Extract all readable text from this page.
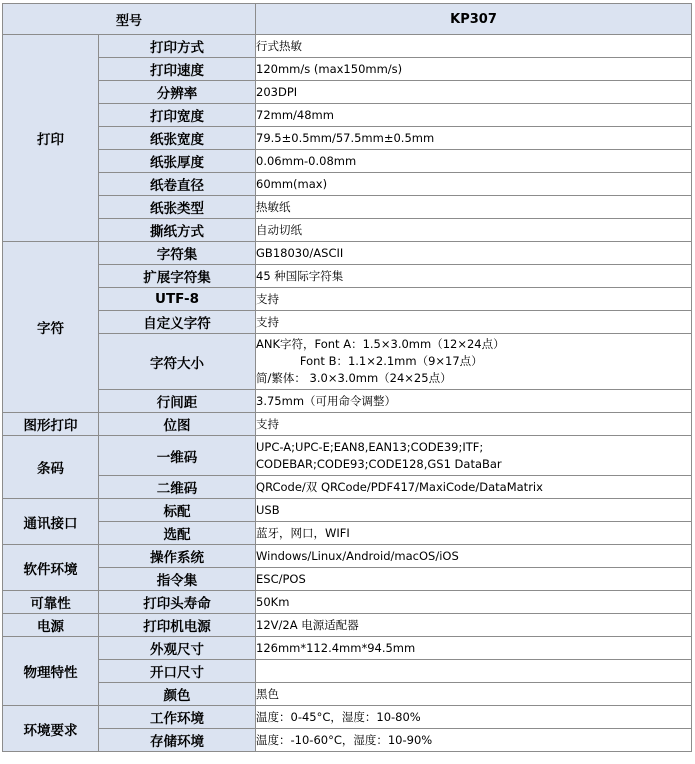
型号		KP307
打印	打印方式	行式热敏

	打印速度	120mm/s (max150mm/s)

	分辨率	203DPI

	打印宽度	72mm/48mm

	纸张宽度	79.5±0.5mm/57.5mm±0.5mm

	纸张厚度	0.06mm-0.08mm

	纸卷直径	60mm(max)

	纸张类型	热敏纸

	撕纸方式	自动切纸

字符	字符集	GB18030/ASCII

	扩展字符集	45 种国际字符集

	UTF-8	支持

	自定义字符	支持

	字符大小	ANK字符，Font A：1.5×3.0mm（12×24点）
Font B：1.1×2.1mm（9×17点）
简/繁体： 3.0×3.0mm（24×25点）

	行间距	3.75mm（可用命令调整）

图形打印	位图	支持

条码	一维码	UPC-A;UPC-E;EAN8,EAN13;CODE39;ITF;
CODEBAR;CODE93;CODE128,GS1 DataBar

	二维码	QRCode/双 QRCode/PDF417/MaxiCode/DataMatrix

通讯接口	标配	USB

	选配	蓝牙，网口，WIFI

软件环境	操作系统	Windows/Linux/Android/macOS/iOS

	指令集	ESC/POS

可靠性	打印头寿命	50Km

电源	打印机电源	12V/2A 电源适配器

物理特性	外观尺寸	126mm*112.4mm*94.5mm

	开口尺寸	

	颜色	黑色

环境要求	工作环境	温度：0-45°C，湿度：10-80%

	存储环境	温度：-10-60°C，湿度：10-90%
